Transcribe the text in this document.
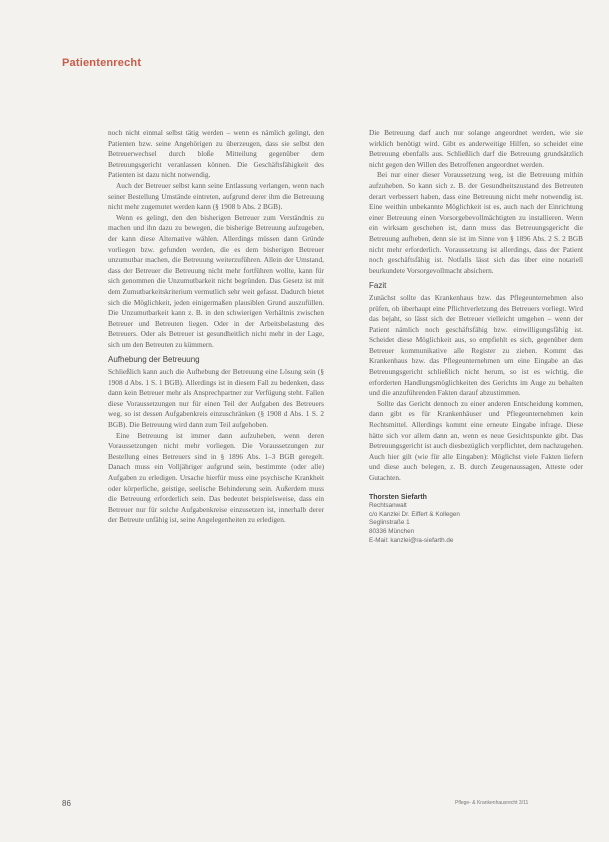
Patientenrecht

noch nicht einmal selbst tätig werden – wenn es nämlich gelingt, den Patienten bzw. seine Angehörigen zu überzeugen, dass sie selbst den Betreuerwechsel durch bloße Mitteilung gegenüber dem Betreuungsgericht veranlassen können. Die Geschäftsfähigkeit des Patienten ist dazu nicht notwendig.

Auch der Betreuer selbst kann seine Entlassung verlangen, wenn nach seiner Bestellung Umstände eintreten, aufgrund derer ihm die Betreuung nicht mehr zugemutet werden kann (§ 1908 b Abs. 2 BGB).

Wenn es gelingt, den den bisherigen Betreuer zum Verständnis zu machen und ihn dazu zu bewegen, die bisherige Betreuung aufzugeben, der kann diese Alternative wählen. Allerdings müssen dann Gründe vorliegen bzw. gefunden werden, die es dem bisherigen Betreuer unzumutbar machen, die Betreuung weiterzuführen. Allein der Umstand, dass der Betreuer die Betreuung nicht mehr fortführen wollte, kann für sich genommen die Unzumutbarkeit nicht begründen. Das Gesetz ist mit dem Zumutbarkeitskriterium vermutlich sehr weit gefasst. Dadurch bietet sich die Möglichkeit, jeden einigermaßen plausiblen Grund auszufüllen. Die Unzumutbarkeit kann z. B. in den schwierigen Verhältnis zwischen Betreuer und Betreuten liegen. Oder in der Arbeitsbelastung des Betreuers. Oder als Betreuer ist gesundheitlich nicht mehr in der Lage, sich um den Betreuten zu kümmern.

Aufhebung der Betreuung

Schließlich kann auch die Aufhebung der Betreuung eine Lösung sein (§ 1908 d Abs. 1 S. 1 BGB). Allerdings ist in diesem Fall zu bedenken, dass dann kein Betreuer mehr als Ansprechpartner zur Verfügung steht. Fallen diese Voraussetzungen nur für einen Teil der Aufgaben des Betreuers weg, so ist dessen Aufgabenkreis einzuschränken (§ 1908 d Abs. 1 S. 2 BGB). Die Betreuung wird dann zum Teil aufgehoben.

Eine Betreuung ist immer dann aufzuheben, wenn deren Voraussetzungen nicht mehr vorliegen. Die Voraussetzungen zur Bestellung eines Betreuers sind in § 1896 Abs. 1–3 BGB geregelt. Danach muss ein Volljähriger aufgrund sein, bestimmte (oder alle) Aufgaben zu erledigen. Ursache hierfür muss eine psychische Krankheit oder körperliche, geistige, seelische Behinderung sein. Außerdem muss die Betreuung erforderlich sein. Das bedeutet beispielsweise, dass ein Betreuer nur für solche Aufgabenkreise einzusetzen ist, innerhalb derer der Betreute unfähig ist, seine Angelegenheiten zu erledigen.

Die Betreuung darf auch nur solange angeordnet werden, wie sie wirklich benötigt wird. Gibt es anderweitige Hilfen, so scheidet eine Betreuung ebenfalls aus. Schließlich darf die Betreuung grundsätzlich nicht gegen den Willen des Betroffenen angeordnet werden.

Bei nur einer dieser Voraussetzung weg, ist die Betreuung mithin aufzuheben. So kann sich z. B. der Gesundheitszustand des Betreuten derart verbessert haben, dass eine Betreuung nicht mehr notwendig ist. Eine weithin unbekannte Möglichkeit ist es, auch nach der Einrichtung einer Betreuung einen Vorsorgebevollmächtigten zu installieren. Wenn ein wirksam geschehen ist, dann muss das Betreuungsgericht die Betreuung aufheben, denn sie ist im Sinne von § 1896 Abs. 2 S. 2 BGB nicht mehr erforderlich. Voraussetzung ist allerdings, dass der Patient noch geschäftsfähig ist. Notfalls lässt sich das über eine notariell beurkundete Vorsorgevollmacht absichern.

Fazit

Zunächst sollte das Krankenhaus bzw. das Pflegeunternehmen also prüfen, ob überhaupt eine Pflichtverletzung des Betreuers vorliegt. Wird das bejaht, so lässt sich der Betreuer vielleicht umgehen – wenn der Patient nämlich noch geschäftsfähig bzw. einwilligungsfähig ist. Scheidet diese Möglichkeit aus, so empfiehlt es sich, gegenüber dem Betreuer kommunikative alle Register zu ziehen. Kommt das Krankenhaus bzw. das Pflegeunternehmen um eine Eingabe an das Betreuungsgericht schließlich nicht herum, so ist es wichtig, die erforderten Handlungsmöglichkeiten des Gerichts im Auge zu behalten und die anzuführenden Fakten darauf abzustimmen.

Sollte das Gericht dennoch zu einer anderen Entscheidung kommen, dann gibt es für Krankenhäuser und Pflegeunternehmen kein Rechtsmittel. Allerdings kommt eine erneute Eingabe infrage. Diese hätte sich vor allem dann an, wenn es neue Gesichtspunkte gibt. Das Betreuungsgericht ist auch diesbezüglich verpflichtet, dem nachzugehen. Auch hier gilt (wie für alle Eingaben): Möglichst viele Fakten liefern und diese auch belegen, z. B. durch Zeugenaussagen, Atteste oder Gutachten.

Thorsten Siefarth
Rechtsanwalt
c/o Kanzlei Dr. Eiffert & Kollegen
Seglinstraße 1
80336 München
E-Mail: kanzlei@ra-siefarth.de
86	Pflege- & Krankenhausrecht 3/11
